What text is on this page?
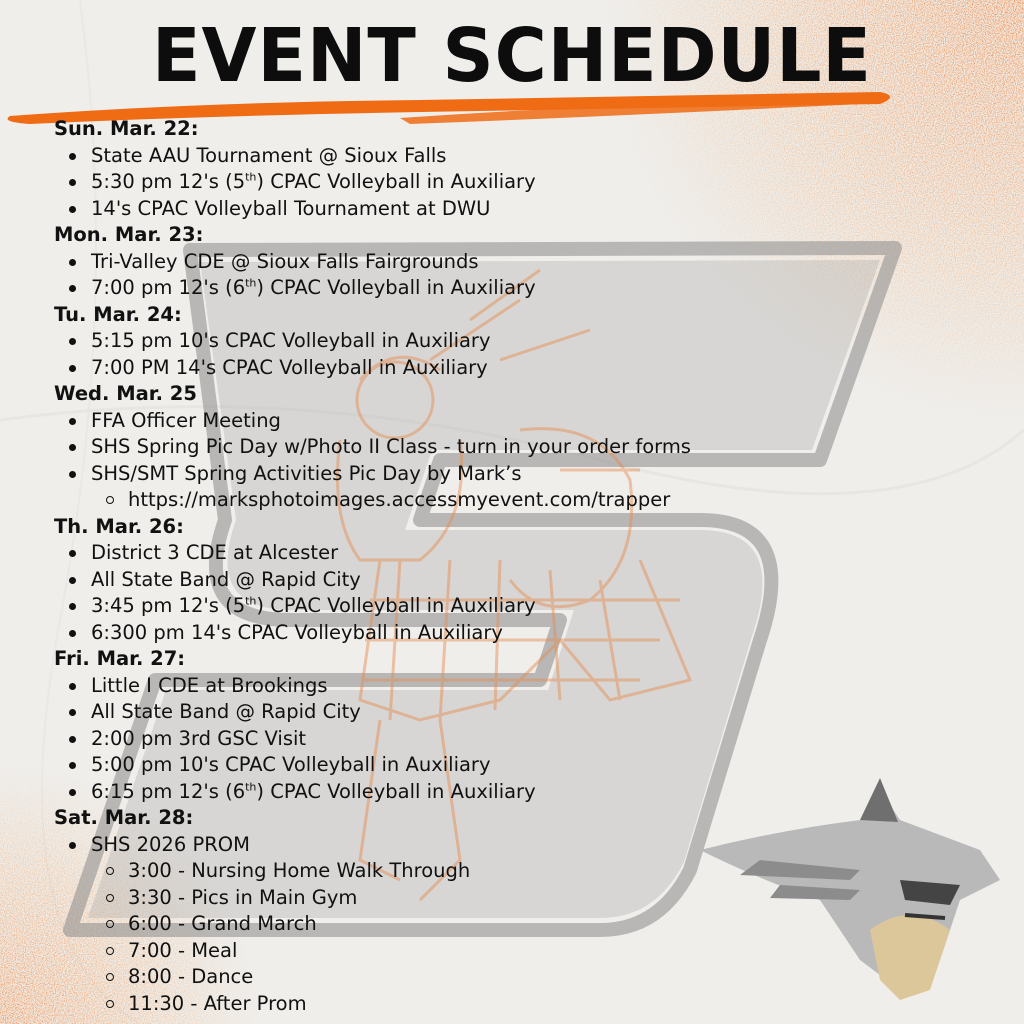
EVENT SCHEDULE
Sun. Mar. 22:
State AAU Tournament @ Sioux Falls
5:30 pm 12's (5th) CPAC Volleyball in Auxiliary
14's CPAC Volleyball Tournament at DWU
Mon. Mar. 23:
Tri-Valley CDE @ Sioux Falls Fairgrounds
7:00 pm 12's (6th) CPAC Volleyball in Auxiliary
Tu. Mar. 24:
5:15 pm 10's CPAC Volleyball in Auxiliary
7:00 PM 14's CPAC Volleyball in Auxiliary
Wed. Mar. 25
FFA Officer Meeting
SHS Spring Pic Day w/Photo II Class - turn in your order forms
SHS/SMT Spring Activities Pic Day by Mark’s
https://marksphotoimages.accessmyevent.com/trapper
Th. Mar. 26:
District 3 CDE at Alcester
All State Band @ Rapid City
3:45 pm 12's (5th) CPAC Volleyball in Auxiliary
6:300 pm 14's CPAC Volleyball in Auxiliary
Fri. Mar. 27:
Little I CDE at Brookings
All State Band @ Rapid City
2:00 pm 3rd GSC Visit
5:00 pm 10's CPAC Volleyball in Auxiliary
6:15 pm 12's (6th) CPAC Volleyball in Auxiliary
Sat. Mar. 28:
SHS 2026 PROM
3:00 - Nursing Home Walk Through
3:30 - Pics in Main Gym
6:00 - Grand March
7:00 - Meal
8:00 - Dance
11:30 - After Prom
